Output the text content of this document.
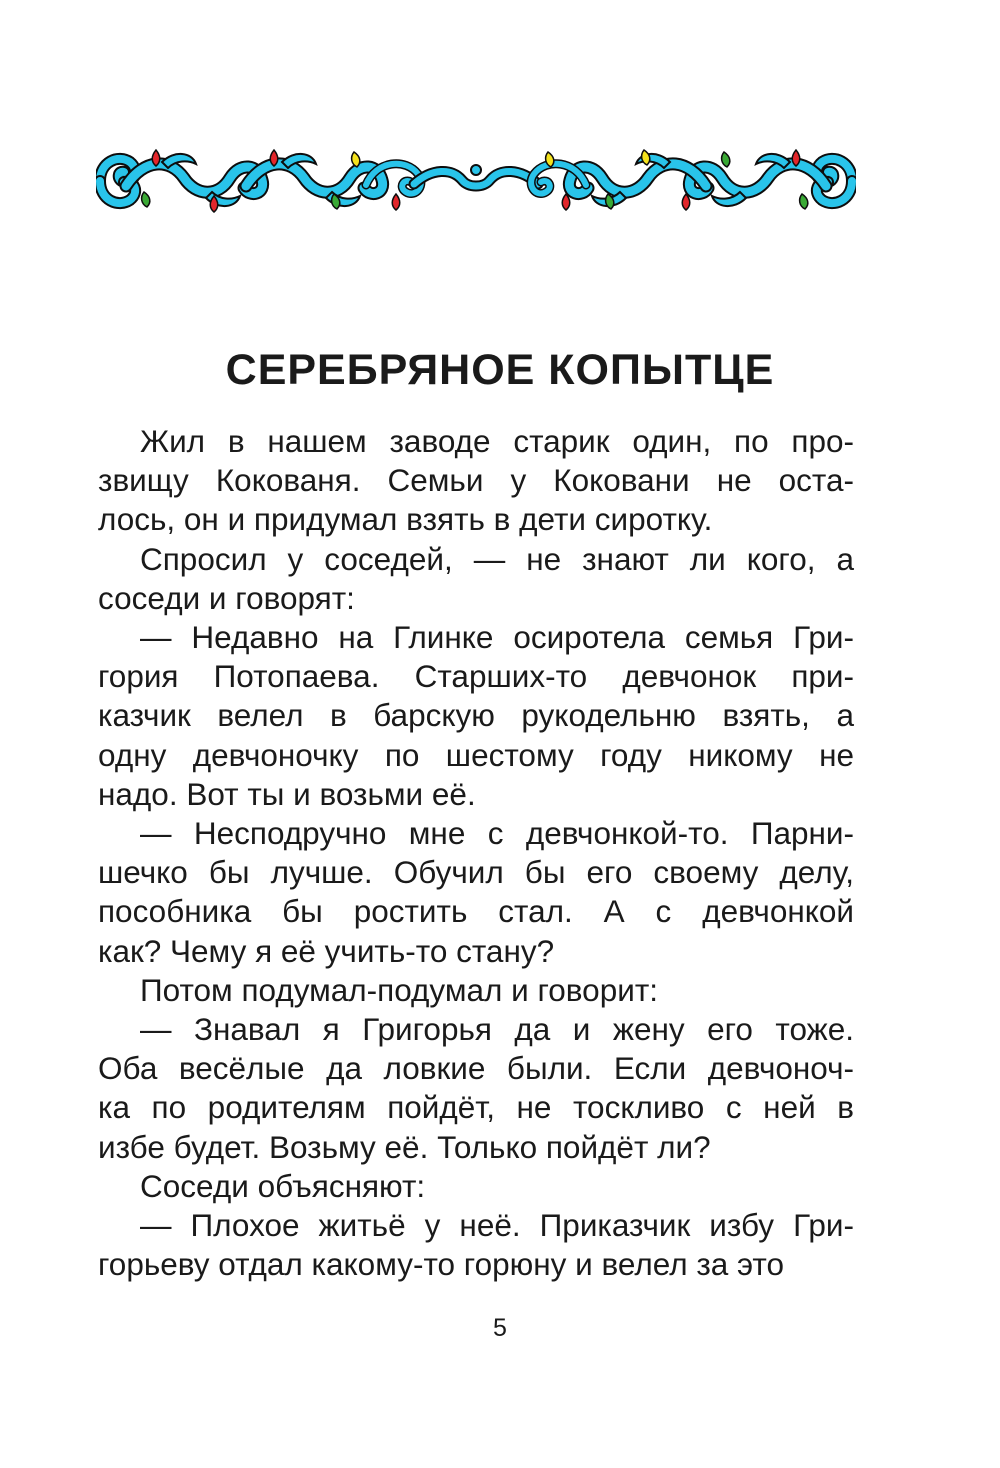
СЕРЕБРЯНОЕ КОПЫТЦЕ

Жил в нашем заводе старик один, по про-
звищу Кокованя. Семьи у Коковани не оста-
лось, он и придумал взять в дети сиротку.

Спросил у соседей, — не знают ли кого, а
соседи и говорят:

— Недавно на Глинке осиротела семья Гри-
гория Потопаева. Старших-то девчонок при-
казчик велел в барскую рукодельню взять, а
одну девчоночку по шестому году никому не
надо. Вот ты и возьми её.

— Несподручно мне с девчонкой-то. Парни-
шечко бы лучше. Обучил бы его своему делу,
пособника бы ростить стал. А с девчонкой
как? Чему я её учить-то стану?

Потом подумал-подумал и говорит:

— Знавал я Григорья да и жену его тоже.
Оба весёлые да ловкие были. Если девчоноч-
ка по родителям пойдёт, не тоскливо с ней в
избе будет. Возьму её. Только пойдёт ли?

Соседи объясняют:

— Плохое житьё у неё. Приказчик избу Гри-
горьеву отдал какому-то горюну и велел за это

5
